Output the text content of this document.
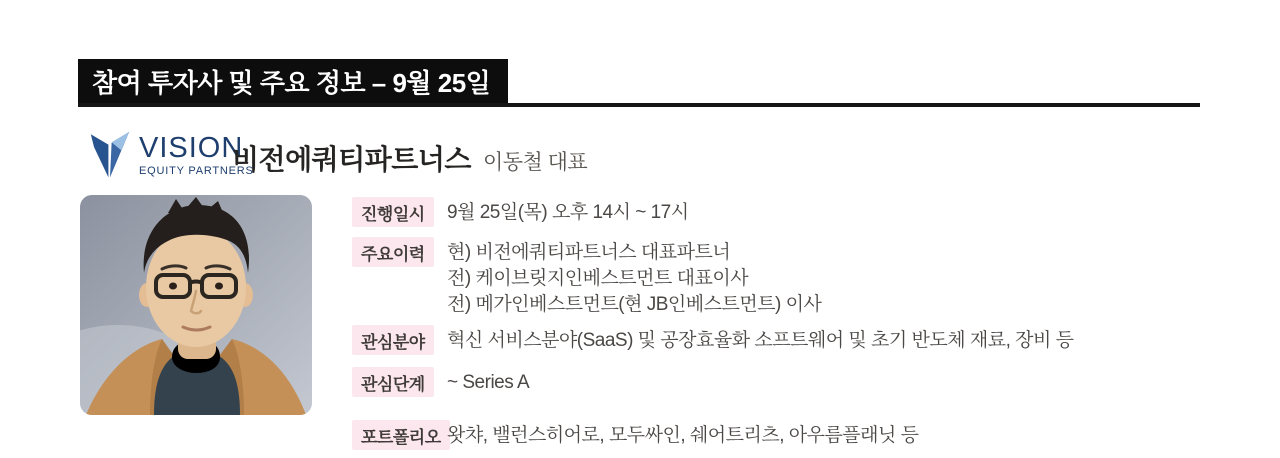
참여 투자사 및 주요 정보 – 9월 25일
VISION
EQUITY PARTNERS
비전에쿼티파트너스 이동철 대표
진행일시	9월 25일(목) 오후 14시 ~ 17시
주요이력	현) 비전에쿼티파트너스 대표파트너
전) 케이브릿지인베스트먼트 대표이사
전) 메가인베스트먼트(현 JB인베스트먼트) 이사
관심분야	혁신 서비스분야(SaaS) 및 공장효율화 소프트웨어 및 초기 반도체 재료, 장비 등
관심단계	~ Series A
포트폴리오 왓챠, 밸런스히어로, 모두싸인, 쉐어트리츠, 아우름플래닛 등
